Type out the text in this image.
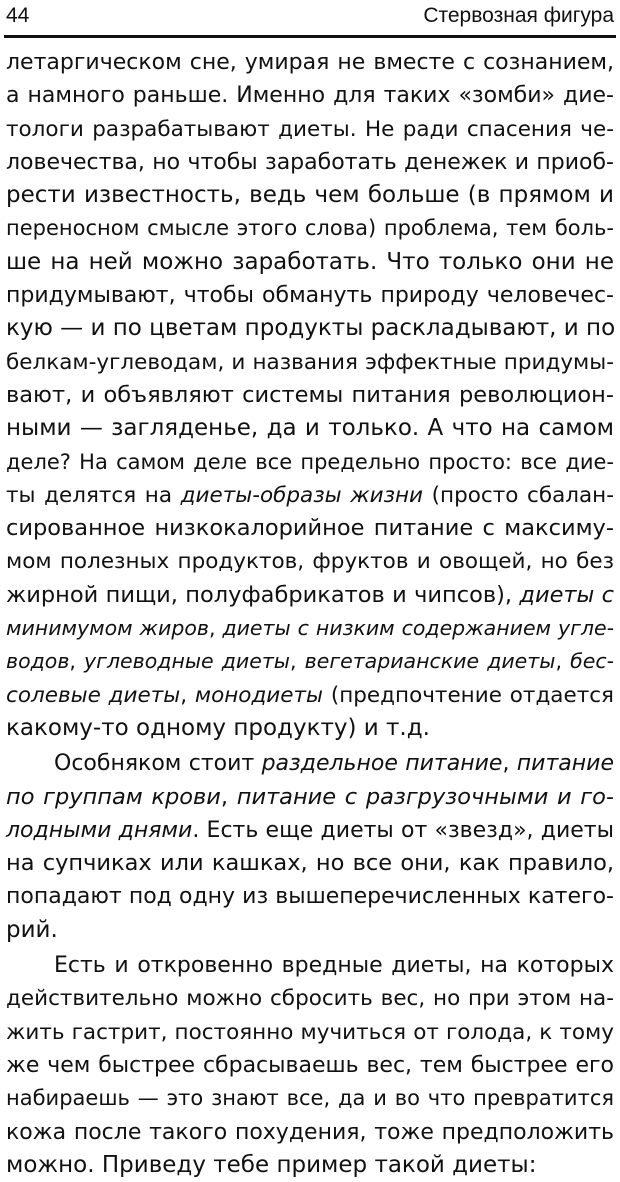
44	Стервозная фигура
летаргическом сне, умирая не вместе с сознанием,
а намного раньше. Именно для таких «зомби» дие-
тологи разрабатывают диеты. Не ради спасения че-
ловечества, но чтобы заработать денежек и приоб-
рести известность, ведь чем больше (в прямом и
переносном смысле этого слова) проблема, тем боль-
ше на ней можно заработать. Что только они не
придумывают, чтобы обмануть природу человечес-
кую — и по цветам продукты раскладывают, и по
белкам-углеводам, и названия эффектные придумы-
вают, и объявляют системы питания революцион-
ными — загляденье, да и только. А что на самом
деле? На самом деле все предельно просто: все дие-
ты делятся на диеты-образы жизни (просто сбалан-
сированное низкокалорийное питание с максиму-
мом полезных продуктов, фруктов и овощей, но без
жирной пищи, полуфабрикатов и чипсов), диеты с
минимумом жиров, диеты с низким содержанием угле-
водов, углеводные диеты, вегетарианские диеты, бес-
солевые диеты, монодиеты (предпочтение отдается
какому-то одному продукту) и т.д.
Особняком стоит раздельное питание, питание
по группам крови, питание с разгрузочными и го-
лодными днями. Есть еще диеты от «звезд», диеты
на супчиках или кашках, но все они, как правило,
попадают под одну из вышеперечисленных катего-
рий.
Есть и откровенно вредные диеты, на которых
действительно можно сбросить вес, но при этом на-
жить гастрит, постоянно мучиться от голода, к тому
же чем быстрее сбрасываешь вес, тем быстрее его
набираешь — это знают все, да и во что превратится
кожа после такого похудения, тоже предположить
можно. Приведу тебе пример такой диеты:
